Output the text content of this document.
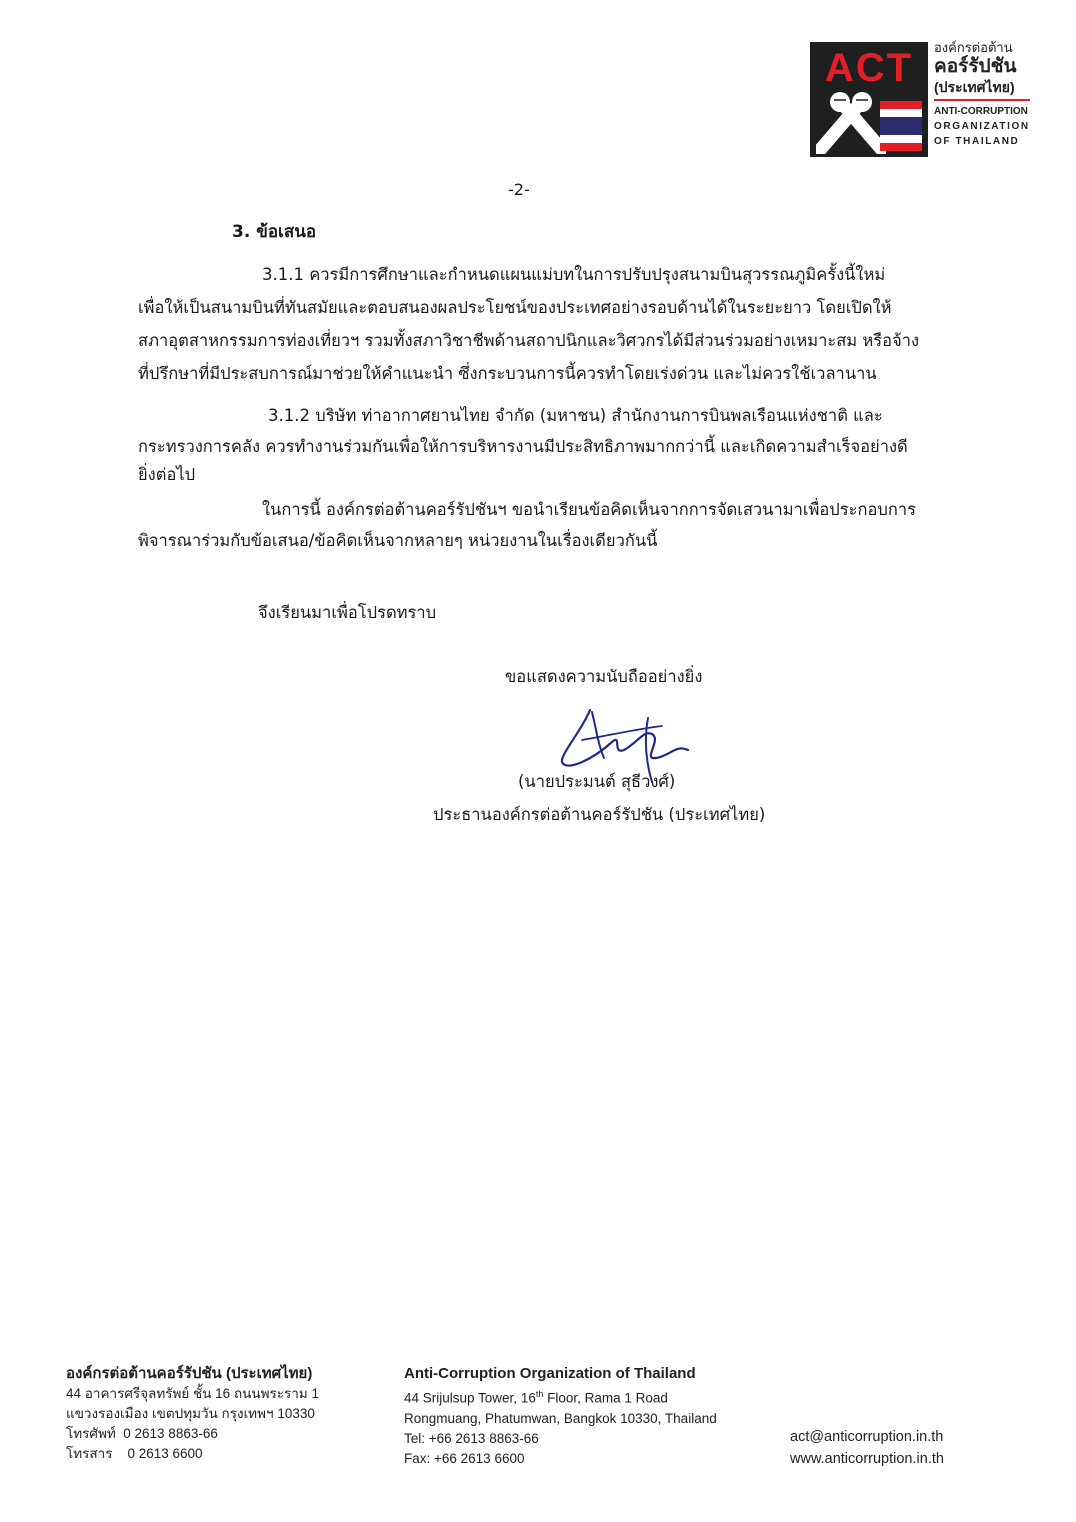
ACT	องค์กรต่อต้าน
คอร์รัปชัน
(ประเทศไทย)
ANTI-CORRUPTION
ORGANIZATION
OF THAILAND
-2-
3. ข้อเสนอ
3.1.1 ควรมีการศึกษาและกำหนดแผนแม่บทในการปรับปรุงสนามบินสุวรรณภูมิครั้งนี้ใหม่
เพื่อให้เป็นสนามบินที่ทันสมัยและตอบสนองผลประโยชน์ของประเทศอย่างรอบด้านได้ในระยะยาว โดยเปิดให้
สภาอุตสาหกรรมการท่องเที่ยวฯ รวมทั้งสภาวิชาชีพด้านสถาปนิกและวิศวกรได้มีส่วนร่วมอย่างเหมาะสม หรือจ้าง
ที่ปรึกษาที่มีประสบการณ์มาช่วยให้คำแนะนำ ซึ่งกระบวนการนี้ควรทำโดยเร่งด่วน และไม่ควรใช้เวลานาน
3.1.2 บริษัท ท่าอากาศยานไทย จำกัด (มหาชน) สำนักงานการบินพลเรือนแห่งชาติ และ
กระทรวงการคลัง ควรทำงานร่วมกันเพื่อให้การบริหารงานมีประสิทธิภาพมากกว่านี้ และเกิดความสำเร็จอย่างดี
ยิ่งต่อไป
ในการนี้ องค์กรต่อต้านคอร์รัปชันฯ ขอนำเรียนข้อคิดเห็นจากการจัดเสวนามาเพื่อประกอบการ
พิจารณาร่วมกับข้อเสนอ/ข้อคิดเห็นจากหลายๆ หน่วยงานในเรื่องเดียวกันนี้
จึงเรียนมาเพื่อโปรดทราบ
ขอแสดงความนับถืออย่างยิ่ง
(นายประมนต์ สุธีวงศ์)
ประธานองค์กรต่อต้านคอร์รัปชัน (ประเทศไทย)
องค์กรต่อต้านคอร์รัปชัน (ประเทศไทย)
44 อาคารศรีจุลทรัพย์ ชั้น 16 ถนนพระราม 1
แขวงรองเมือง เขตปทุมวัน กรุงเทพฯ 10330
โทรศัพท์  0 2613 8863-66
โทรสาร    0 2613 6600
Anti-Corruption Organization of Thailand
44 Srijulsup Tower, 16th Floor, Rama 1 Road
Rongmuang, Phatumwan, Bangkok 10330, Thailand
Tel: +66 2613 8863-66
Fax: +66 2613 6600
act@anticorruption.in.th
www.anticorruption.in.th
